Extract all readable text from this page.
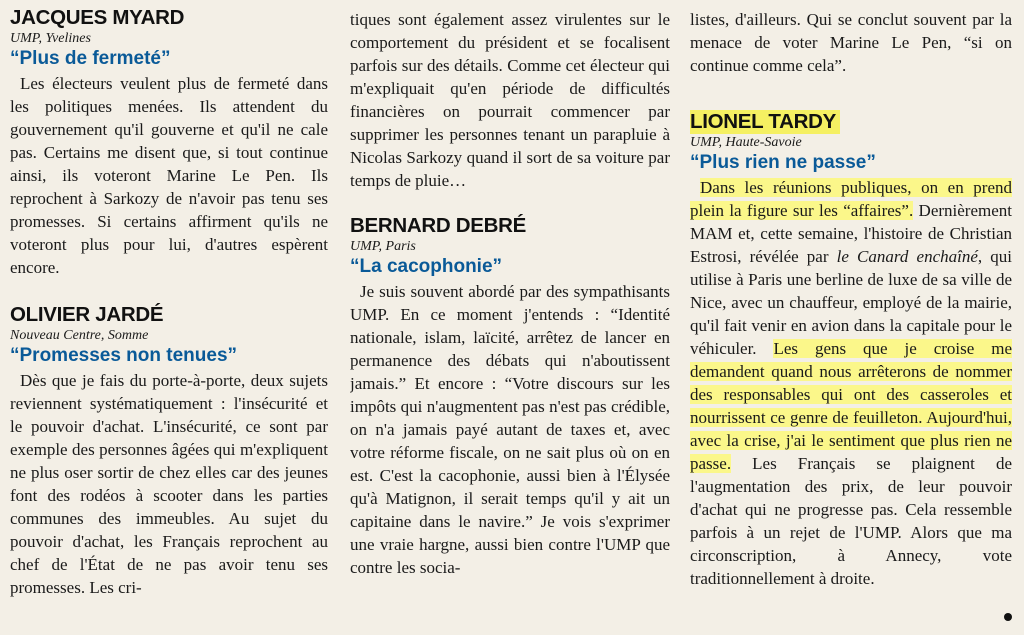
JACQUES MYARD

UMP, Yvelines

“Plus de fermeté”

Les électeurs veulent plus de fermeté dans les politiques menées. Ils attendent du gouvernement qu'il gouverne et qu'il ne cale pas. Certains me disent que, si tout continue ainsi, ils voteront Marine Le Pen. Ils reprochent à Sarkozy de n'avoir pas tenu ses promesses. Si certains affirment qu'ils ne voteront plus pour lui, d'autres espèrent encore.

OLIVIER JARDÉ

Nouveau Centre, Somme

“Promesses non tenues”

Dès que je fais du porte-à-porte, deux sujets reviennent systématiquement : l'insécurité et le pouvoir d'achat. L'insécurité, ce sont par exemple des personnes âgées qui m'expliquent ne plus oser sortir de chez elles car des jeunes font des rodéos à scooter dans les parties communes des immeubles. Au sujet du pouvoir d'achat, les Français reprochent au chef de l'État de ne pas avoir tenu ses promesses. Les cri-

tiques sont également assez virulentes sur le comportement du président et se focalisent parfois sur des détails. Comme cet électeur qui m'expliquait qu'en période de difficultés financières on pourrait commencer par supprimer les personnes tenant un parapluie à Nicolas Sarkozy quand il sort de sa voiture par temps de pluie…

BERNARD DEBRÉ

UMP, Paris

“La cacophonie”

Je suis souvent abordé par des sympathisants UMP. En ce moment j'entends : “Identité nationale, islam, laïcité, arrêtez de lancer en permanence des débats qui n'aboutissent jamais.” Et encore : “Votre discours sur les impôts qui n'augmentent pas n'est pas crédible, on n'a jamais payé autant de taxes et, avec votre réforme fiscale, on ne sait plus où on en est. C'est la cacophonie, aussi bien à l'Élysée qu'à Matignon, il serait temps qu'il y ait un capitaine dans le navire.” Je vois s'exprimer une vraie hargne, aussi bien contre l'UMP que contre les socia-

listes, d'ailleurs. Qui se conclut souvent par la menace de voter Marine Le Pen, “si on continue comme cela”.

LIONEL TARDY

UMP, Haute-Savoie

“Plus rien ne passe”

Dans les réunions publiques, on en prend plein la figure sur les “affaires”. Dernièrement MAM et, cette semaine, l'histoire de Christian Estrosi, révélée par le Canard enchaîné, qui utilise à Paris une berline de luxe de sa ville de Nice, avec un chauffeur, employé de la mairie, qu'il fait venir en avion dans la capitale pour le véhiculer. Les gens que je croise me demandent quand nous arrêterons de nommer des responsables qui ont des casseroles et nourrissent ce genre de feuilleton. Aujourd'hui, avec la crise, j'ai le sentiment que plus rien ne passe. Les Français se plaignent de l'augmentation des prix, de leur pouvoir d'achat qui ne progresse pas. Cela ressemble parfois à un rejet de l'UMP. Alors que ma circonscription, à Annecy, vote traditionnellement à droite.
